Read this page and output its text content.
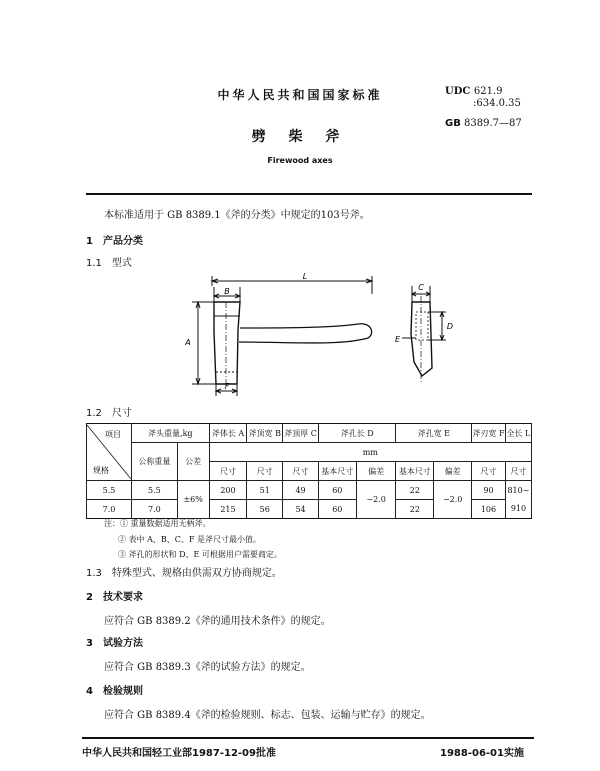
中华人民共和国国家标准	UDC 621.9
:634.0.35
GB 8389.7—87
劈 柴 斧
Firewood axes
本标准适用于 GB 8389.1《斧的分类》中规定的103号斧。
1　产品分类
1.1　型式
L
B
A
F
C
D
E
1.2　尺寸
项目
规格	斧头重量,kg		斧体长 A	斧顶宽 B	斧顶厚 C	斧孔长 D		斧孔宽 E		斧刃宽 F	全长 L
	公称重量	公差	mm								
			尺寸	尺寸	尺寸	基本尺寸	偏差	基本尺寸	偏差	尺寸	尺寸
5.5	5.5	±6%	200	51	49	60	−2.0	22	−2.0	90	810~
7.0	7.0		215	56	54	60		22		106	910
注：① 重量数据适用无柄斧。
② 表中 A、B、C、F 是斧尺寸最小值。
③ 斧孔的形状和 D、E 可根据用户需要商定。
1.3　特殊型式、规格由供需双方协商规定。
2　技术要求
应符合 GB 8389.2《斧的通用技术条件》的规定。
3　试验方法
应符合 GB 8389.3《斧的试验方法》的规定。
4　检验规则
应符合 GB 8389.4《斧的检验规则、标志、包装、运输与贮存》的规定。
中华人民共和国轻工业部1987-12-09批准	1988-06-01实施
